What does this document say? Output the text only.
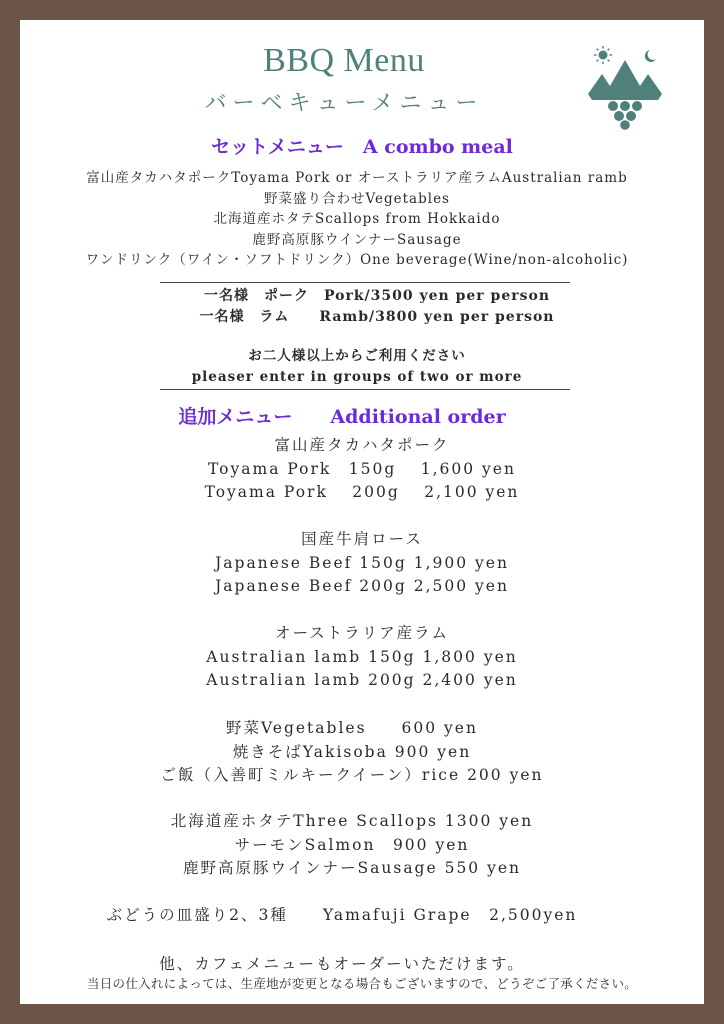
BBQ Menu
バーベキューメニュー
セットメニュー　A combo meal
富山産タカハタポークToyama Pork or オーストラリア産ラムAustralian ramb
野菜盛り合わせVegetables
北海道産ホタテScallops from Hokkaido
鹿野高原豚ウインナーSausage
ワンドリンク（ワイン・ソフトドリンク）One beverage(Wine/non-alcoholic)
一名様　ポーク　Pork/3500 yen per person
一名様　ラム　　Ramb/3800 yen per person
お二人様以上からご利用ください
pleaser enter in groups of two or more
追加メニュー　　Additional order
富山産タカハタポーク
Toyama Pork　150g　 1,600 yen
Toyama Pork　 200g　 2,100 yen
国産牛肩ロース
Japanese Beef 150g 1,900 yen
Japanese Beef 200g 2,500 yen
オーストラリア産ラム
Australian lamb 150g 1,800 yen
Australian lamb 200g 2,400 yen
野菜Vegetables　　600 yen
焼きそばYakisoba 900 yen
ご飯（入善町ミルキークイーン）rice 200 yen
北海道産ホタテThree Scallops 1300 yen
サーモンSalmon　900 yen
鹿野高原豚ウインナーSausage 550 yen
ぶどうの皿盛り2、3種　　Yamafuji Grape　2,500yen
他、カフェメニューもオーダーいただけます。
当日の仕入れによっては、生産地が変更となる場合もございますので、どうぞご了承ください。
